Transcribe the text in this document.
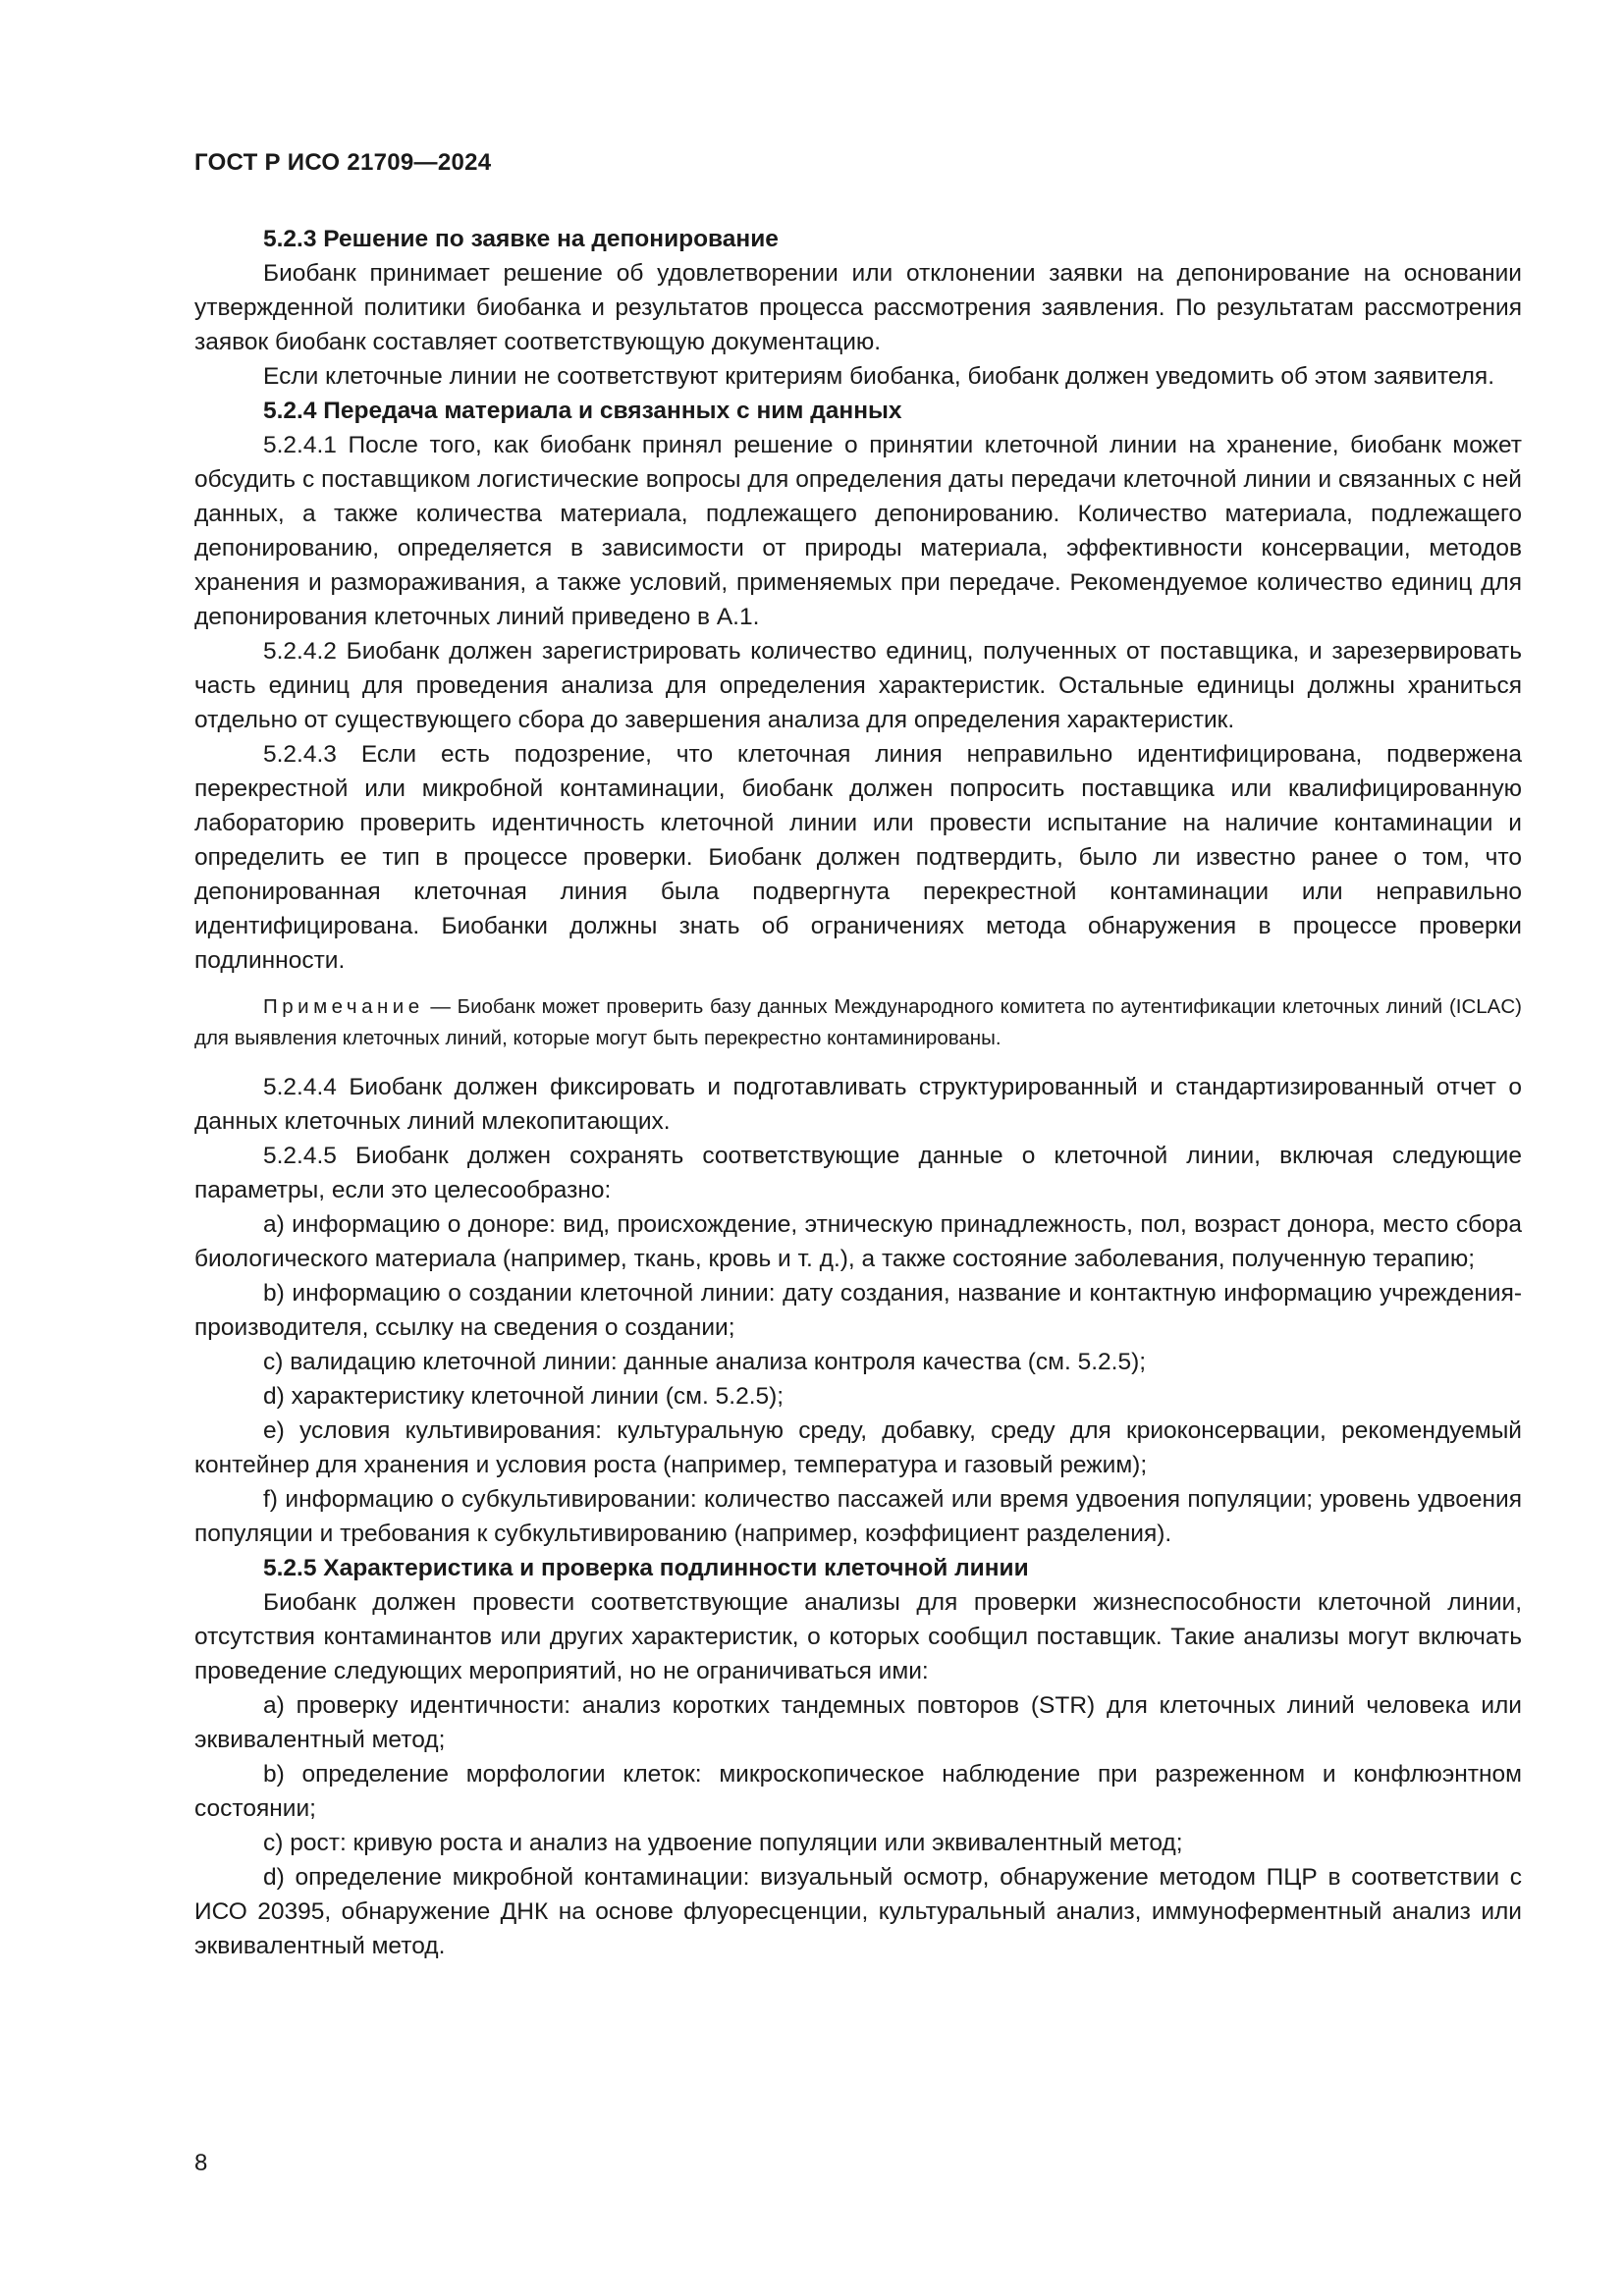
ГОСТ Р ИСО 21709—2024

5.2.3 Решение по заявке на депонирование

Биобанк принимает решение об удовлетворении или отклонении заявки на депонирование на основании утвержденной политики биобанка и результатов процесса рассмотрения заявления. По результатам рассмотрения заявок биобанк составляет соответствующую документацию.

Если клеточные линии не соответствуют критериям биобанка, биобанк должен уведомить об этом заявителя.

5.2.4 Передача материала и связанных с ним данных

5.2.4.1 После того, как биобанк принял решение о принятии клеточной линии на хранение, биобанк может обсудить с поставщиком логистические вопросы для определения даты передачи клеточной линии и связанных с ней данных, а также количества материала, подлежащего депонированию. Количество материала, подлежащего депонированию, определяется в зависимости от природы материала, эффективности консервации, методов хранения и размораживания, а также условий, применяемых при передаче. Рекомендуемое количество единиц для депонирования клеточных линий приведено в А.1.

5.2.4.2 Биобанк должен зарегистрировать количество единиц, полученных от поставщика, и зарезервировать часть единиц для проведения анализа для определения характеристик. Остальные единицы должны храниться отдельно от существующего сбора до завершения анализа для определения характеристик.

5.2.4.3 Если есть подозрение, что клеточная линия неправильно идентифицирована, подвержена перекрестной или микробной контаминации, биобанк должен попросить поставщика или квалифицированную лабораторию проверить идентичность клеточной линии или провести испытание на наличие контаминации и определить ее тип в процессе проверки. Биобанк должен подтвердить, было ли известно ранее о том, что депонированная клеточная линия была подвергнута перекрестной контаминации или неправильно идентифицирована. Биобанки должны знать об ограничениях метода обнаружения в процессе проверки подлинности.

Примечание — Биобанк может проверить базу данных Международного комитета по аутентификации клеточных линий (ICLAC) для выявления клеточных линий, которые могут быть перекрестно контаминированы.

5.2.4.4 Биобанк должен фиксировать и подготавливать структурированный и стандартизированный отчет о данных клеточных линий млекопитающих.

5.2.4.5 Биобанк должен сохранять соответствующие данные о клеточной линии, включая следующие параметры, если это целесообразно:

a) информацию о доноре: вид, происхождение, этническую принадлежность, пол, возраст донора, место сбора биологического материала (например, ткань, кровь и т. д.), а также состояние заболевания, полученную терапию;

b) информацию о создании клеточной линии: дату создания, название и контактную информацию учреждения-производителя, ссылку на сведения о создании;

c) валидацию клеточной линии: данные анализа контроля качества (см. 5.2.5);

d) характеристику клеточной линии (см. 5.2.5);

e) условия культивирования: культуральную среду, добавку, среду для криоконсервации, рекомендуемый контейнер для хранения и условия роста (например, температура и газовый режим);

f) информацию о субкультивировании: количество пассажей или время удвоения популяции; уровень удвоения популяции и требования к субкультивированию (например, коэффициент разделения).

5.2.5 Характеристика и проверка подлинности клеточной линии

Биобанк должен провести соответствующие анализы для проверки жизнеспособности клеточной линии, отсутствия контаминантов или других характеристик, о которых сообщил поставщик. Такие анализы могут включать проведение следующих мероприятий, но не ограничиваться ими:

a) проверку идентичности: анализ коротких тандемных повторов (STR) для клеточных линий человека или эквивалентный метод;

b) определение морфологии клеток: микроскопическое наблюдение при разреженном и конфлюэнтном состоянии;

c) рост: кривую роста и анализ на удвоение популяции или эквивалентный метод;

d) определение микробной контаминации: визуальный осмотр, обнаружение методом ПЦР в соответствии с ИСО 20395, обнаружение ДНК на основе флуоресценции, культуральный анализ, иммуноферментный анализ или эквивалентный метод.

8
